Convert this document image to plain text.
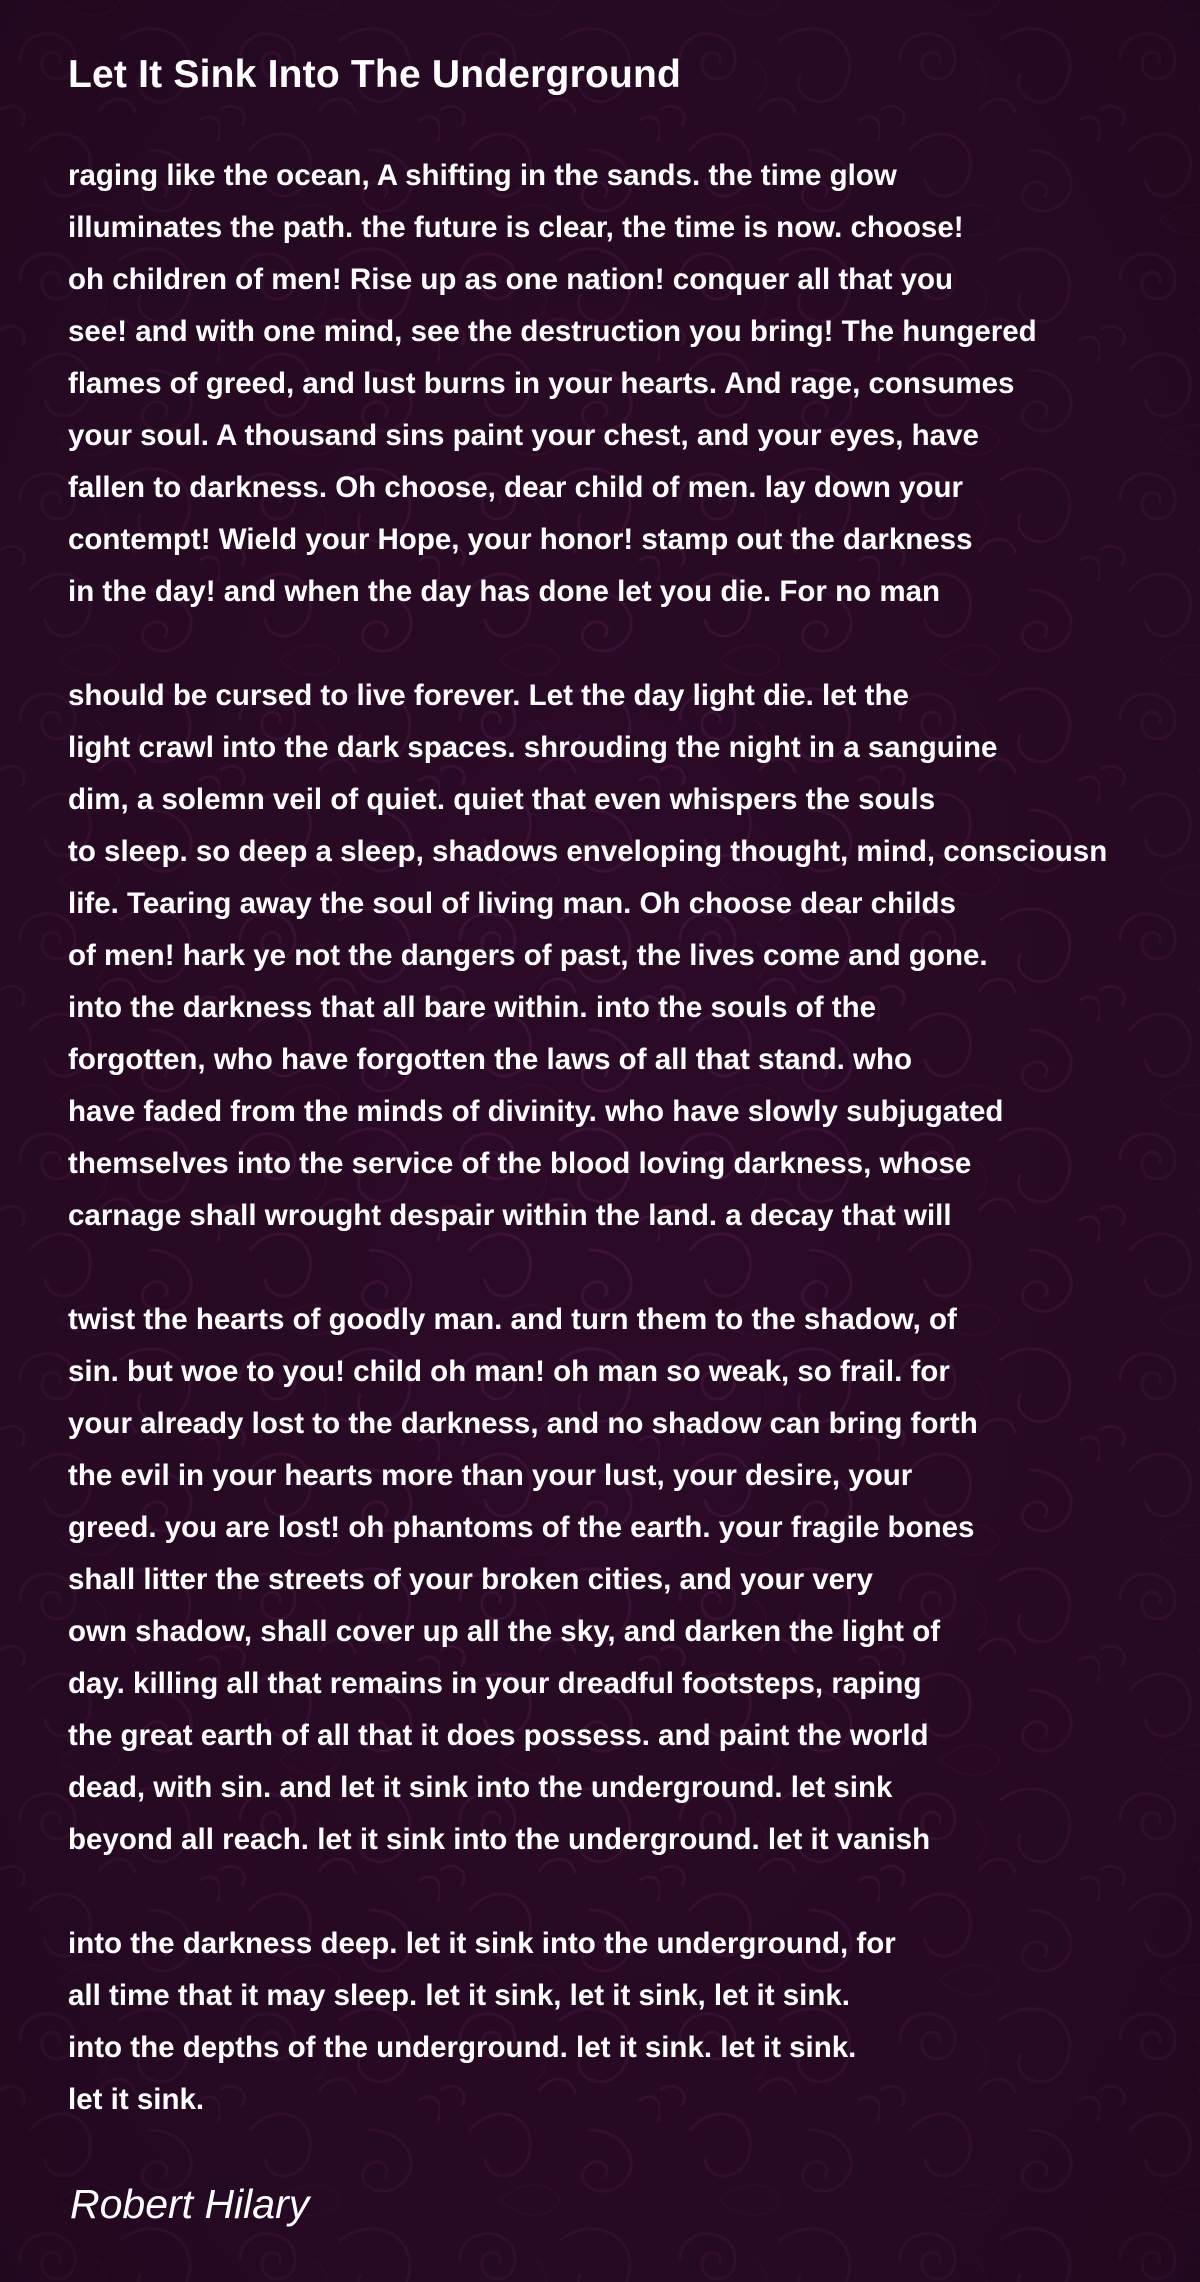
Let It Sink Into The Underground
raging like the ocean, A shifting in the sands. the time glow
illuminates the path. the future is clear, the time is now. choose!
oh children of men! Rise up as one nation! conquer all that you
see! and with one mind, see the destruction you bring! The hungered
flames of greed, and lust burns in your hearts. And rage, consumes
your soul. A thousand sins paint your chest, and your eyes, have
fallen to darkness. Oh choose, dear child of men. lay down your
contempt! Wield your Hope, your honor! stamp out the darkness
in the day! and when the day has done let you die. For no man
should be cursed to live forever. Let the day light die. let the
light crawl into the dark spaces. shrouding the night in a sanguine
dim, a solemn veil of quiet. quiet that even whispers the souls
to sleep. so deep a sleep, shadows enveloping thought, mind, consciousn
life. Tearing away the soul of living man. Oh choose dear childs
of men! hark ye not the dangers of past, the lives come and gone.
into the darkness that all bare within. into the souls of the
forgotten, who have forgotten the laws of all that stand. who
have faded from the minds of divinity. who have slowly subjugated
themselves into the service of the blood loving darkness, whose
carnage shall wrought despair within the land. a decay that will
twist the hearts of goodly man. and turn them to the shadow, of
sin. but woe to you! child oh man! oh man so weak, so frail. for
your already lost to the darkness, and no shadow can bring forth
the evil in your hearts more than your lust, your desire, your
greed. you are lost! oh phantoms of the earth. your fragile bones
shall litter the streets of your broken cities, and your very
own shadow, shall cover up all the sky, and darken the light of
day. killing all that remains in your dreadful footsteps, raping
the great earth of all that it does possess. and paint the world
dead, with sin. and let it sink into the underground. let sink
beyond all reach. let it sink into the underground. let it vanish
into the darkness deep. let it sink into the underground, for
all time that it may sleep. let it sink, let it sink, let it sink.
into the depths of the underground. let it sink. let it sink.
let it sink.

Robert Hilary
